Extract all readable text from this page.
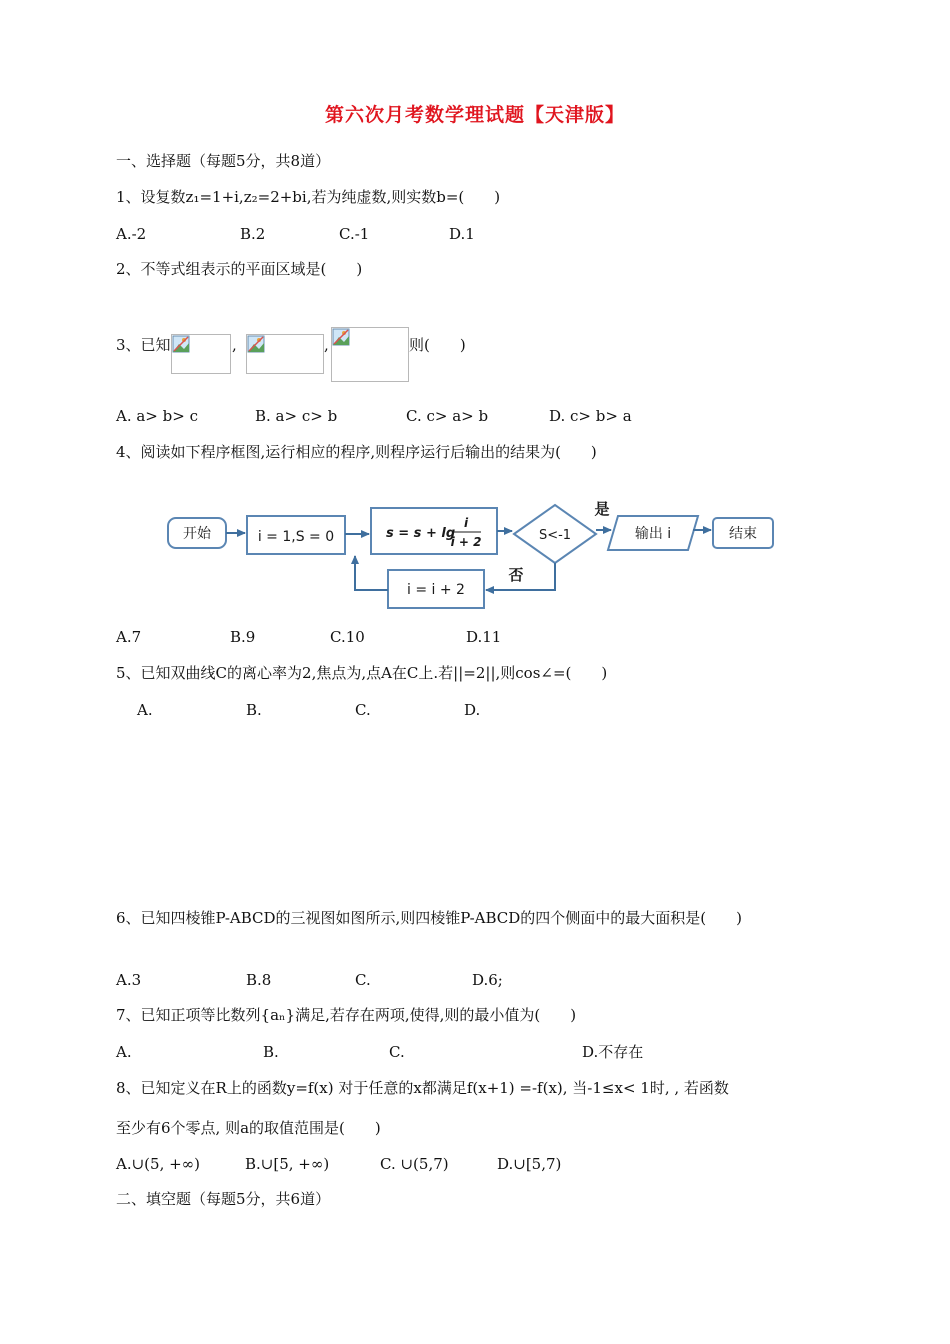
第六次月考数学理试题【天津版】
一、选择题（每题5分，共8道）
1、设复数z₁=1+i,z₂=2+bi,若为纯虚数,则实数b=(　　)
A.-2	B.2	C.-1	D.1
2、不等式组表示的平面区域是(　　)
3、已知	,	,	则(　　)
A. a> b> c	B. a> c> b	C. c> a> b	D. c> b> a
4、阅读如下程序框图,运行相应的程序,则程序运行后输出的结果为(　　)
开始	i = 1,S = 0	s = s + lg
i
i + 2	S<-1
是
输出 i	结束
否
i = i + 2
A.7	B.9	C.10	D.11
5、已知双曲线C的离心率为2,焦点为,点A在C上.若||=2||,则cos∠=(　　)
A.	B.	C.	D.
6、已知四棱锥P-ABCD的三视图如图所示,则四棱锥P-ABCD的四个侧面中的最大面积是(　　)
A.3	B.8	C.	D.6;
7、已知正项等比数列{aₙ}满足,若存在两项,使得,则的最小值为(　　)
A.	B.	C.	D.不存在
8、已知定义在R上的函数y=f(x) 对于任意的x都满足f(x+1) =-f(x), 当-1≤x< 1时, , 若函数
至少有6个零点, 则a的取值范围是(　　)
A.∪(5, +∞)	B.∪[5, +∞)	C. ∪(5,7)	D.∪[5,7)
二、填空题（每题5分，共6道）
